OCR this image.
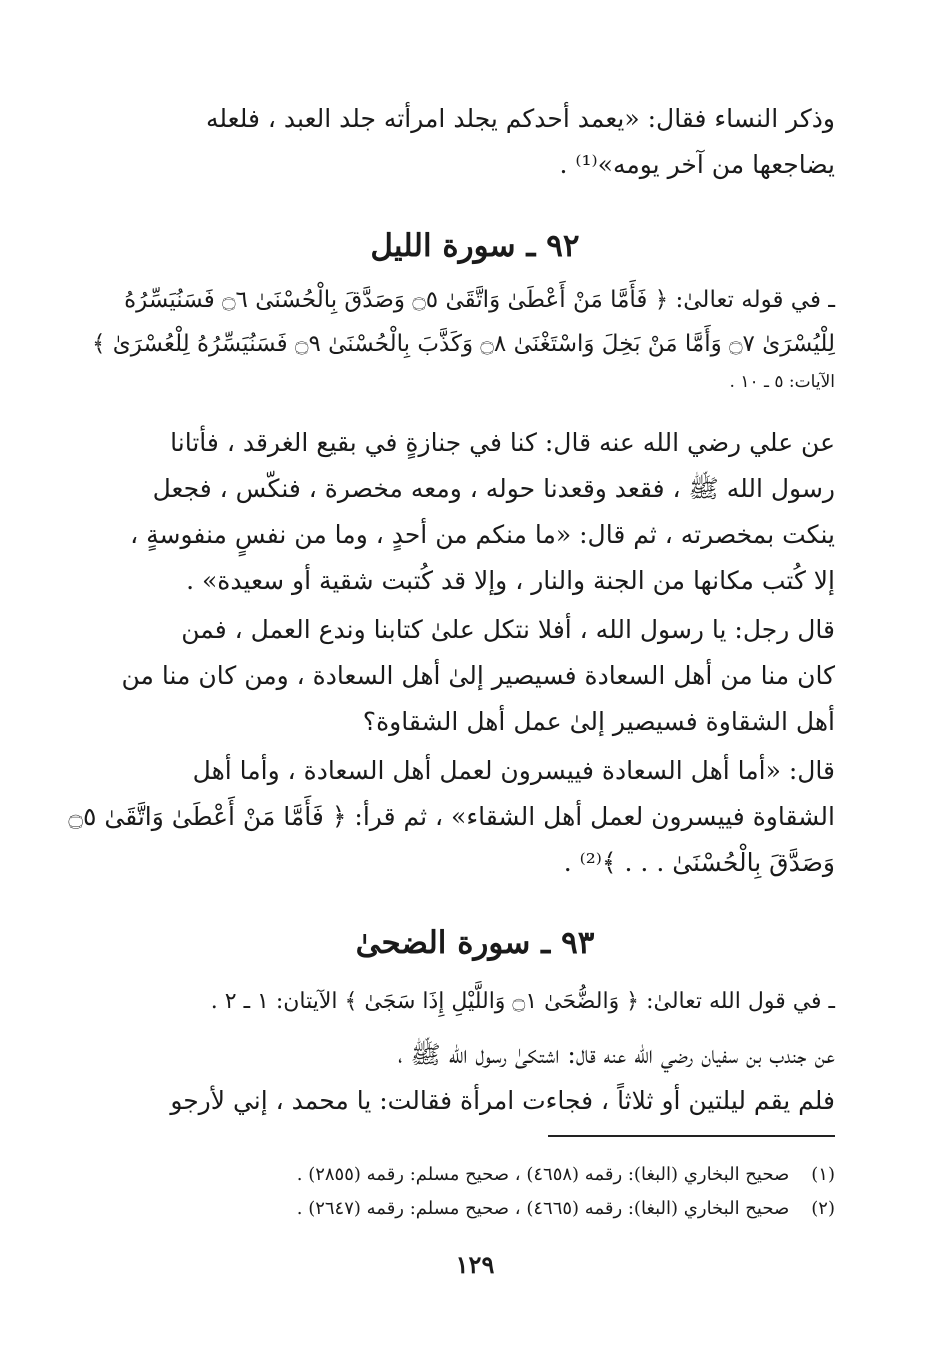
وذكر النساء فقال: «يعمد أحدكم يجلد امرأته جلد العبد ، فلعله
يضاجعها من آخر يومه»⁽¹⁾ .
٩٢ ـ سورة الليل
ـ في قوله تعالىٰ: ﴿ فَأَمَّا مَنْ أَعْطَىٰ وَاتَّقَىٰ ۝٥ وَصَدَّقَ بِالْحُسْنَىٰ ۝٦ فَسَنُيَسِّرُهُ
لِلْيُسْرَىٰ ۝٧ وَأَمَّا مَنْ بَخِلَ وَاسْتَغْنَىٰ ۝٨ وَكَذَّبَ بِالْحُسْنَىٰ ۝٩ فَسَنُيَسِّرُهُ لِلْعُسْرَىٰ ﴾
الآيات: ٥ ـ ١٠ .
عن علي رضي الله عنه قال: كنا في جنازةٍ في بقيع الغرقد ، فأتانا
رسول الله ﷺ ، فقعد وقعدنا حوله ، ومعه مخصرة ، فنكّس ، فجعل
ينكت بمخصرته ، ثم قال: «ما منكم من أحدٍ ، وما من نفسٍ منفوسةٍ ،
إلا كُتب مكانها من الجنة والنار ، وإلا قد كُتبت شقية أو سعيدة» .
قال رجل: يا رسول الله ، أفلا نتكل علىٰ كتابنا وندع العمل ، فمن
كان منا من أهل السعادة فسيصير إلىٰ أهل السعادة ، ومن كان منا من
أهل الشقاوة فسيصير إلىٰ عمل أهل الشقاوة؟
قال: «أما أهل السعادة فييسرون لعمل أهل السعادة ، وأما أهل
الشقاوة فييسرون لعمل أهل الشقاء» ، ثم قرأ: ﴿ فَأَمَّا مَنْ أَعْطَىٰ وَاتَّقَىٰ ۝٥
وَصَدَّقَ بِالْحُسْنَىٰ . . . ﴾⁽²⁾ .
٩٣ ـ سورة الضحىٰ
ـ في قول الله تعالىٰ: ﴿ وَالضُّحَىٰ ۝١ وَاللَّيْلِ إِذَا سَجَىٰ ﴾ الآيتان: ١ ـ ٢ .
عن جندب بن سفيان رضي الله عنه قال: اشتكىٰ رسول الله ﷺ ،
فلم يقم ليلتين أو ثلاثاً ، فجاءت امرأة فقالت: يا محمد ، إني لأرجو
(١) صحيح البخاري (البغا): رقمه (٤٦٥٨) ، صحيح مسلم: رقمه (٢٨٥٥) .
(٢) صحيح البخاري (البغا): رقمه (٤٦٦٥) ، صحيح مسلم: رقمه (٢٦٤٧) .
١٢٩
